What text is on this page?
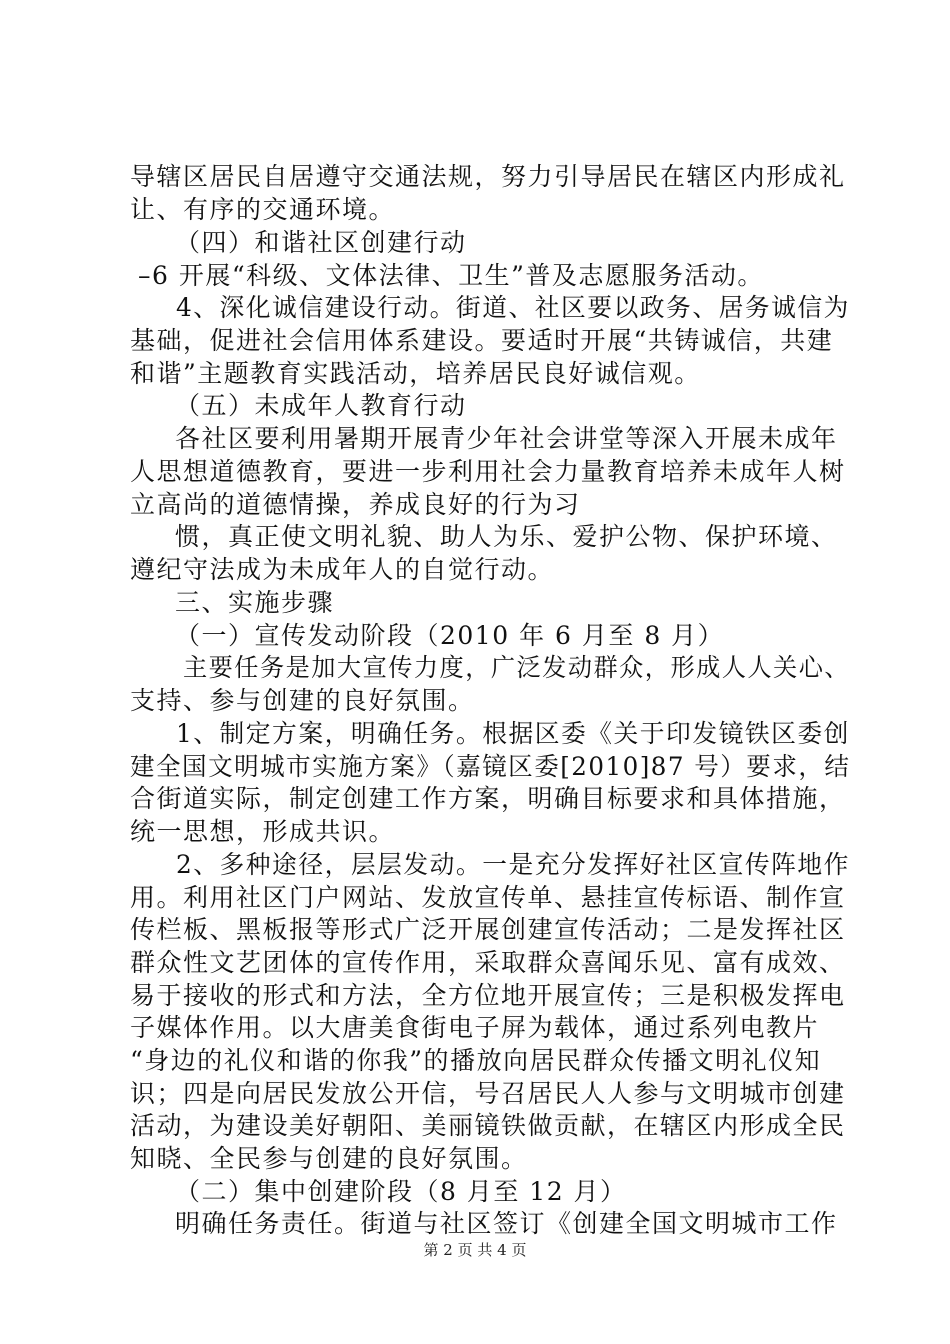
导辖区居民自居遵守交通法规，努力引导居民在辖区内形成礼
让、有序的交通环境。
（四）和谐社区创建行动
–6 开展“科级、文体法律、卫生”普及志愿服务活动。
4、深化诚信建设行动。街道、社区要以政务、居务诚信为
基础，促进社会信用体系建设。要适时开展“共铸诚信，共建
和谐”主题教育实践活动，培养居民良好诚信观。
（五）未成年人教育行动
各社区要利用暑期开展青少年社会讲堂等深入开展未成年
人思想道德教育，要进一步利用社会力量教育培养未成年人树
立高尚的道德情操，养成良好的行为习
惯，真正使文明礼貌、助人为乐、爱护公物、保护环境、
遵纪守法成为未成年人的自觉行动。
三、实施步骤
（一）宣传发动阶段（2010 年 6 月至 8 月）
主要任务是加大宣传力度，广泛发动群众，形成人人关心、
支持、参与创建的良好氛围。
1、制定方案，明确任务。根据区委《关于印发镜铁区委创
建全国文明城市实施方案》（嘉镜区委[2010]87 号）要求，结
合街道实际，制定创建工作方案，明确目标要求和具体措施，
统一思想，形成共识。
2、多种途径，层层发动。一是充分发挥好社区宣传阵地作
用。利用社区门户网站、发放宣传单、悬挂宣传标语、制作宣
传栏板、黑板报等形式广泛开展创建宣传活动；二是发挥社区
群众性文艺团体的宣传作用，采取群众喜闻乐见、富有成效、
易于接收的形式和方法，全方位地开展宣传；三是积极发挥电
子媒体作用。以大唐美食街电子屏为载体，通过系列电教片
“身边的礼仪和谐的你我”的播放向居民群众传播文明礼仪知
识；四是向居民发放公开信，号召居民人人参与文明城市创建
活动，为建设美好朝阳、美丽镜铁做贡献，在辖区内形成全民
知晓、全民参与创建的良好氛围。
（二）集中创建阶段（8 月至 12 月）
明确任务责任。街道与社区签订《创建全国文明城市工作
第 2 页 共 4 页
